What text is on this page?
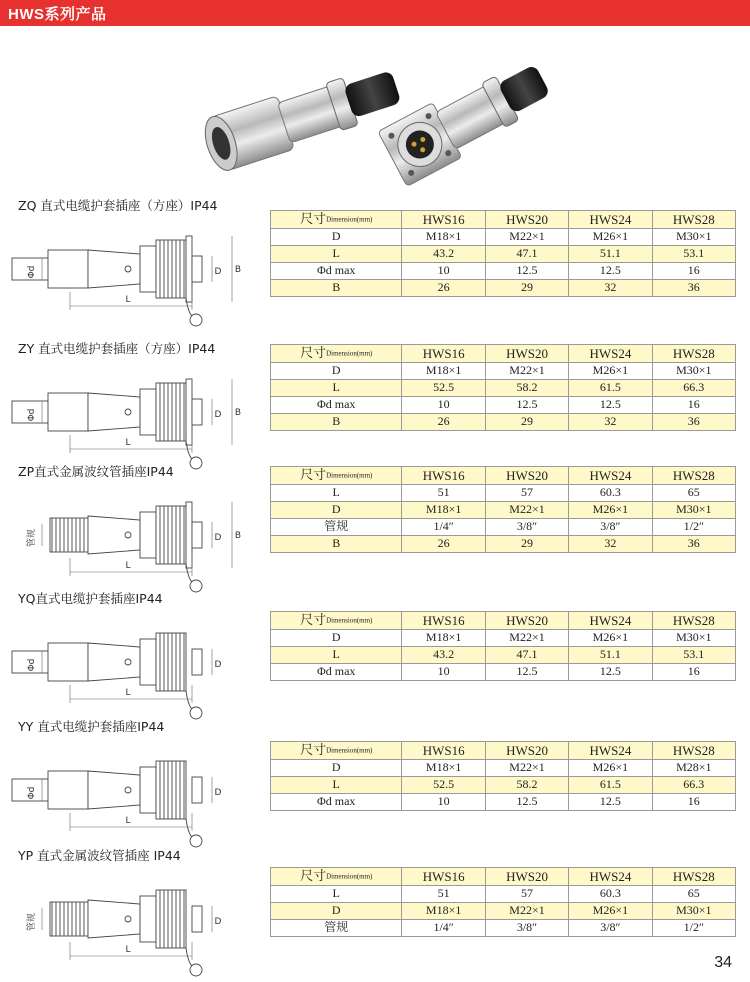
HWS系列产品
ZQ 直式电缆护套插座（方座）IP44
Φd	D B
L
尺寸Dimension(mm)	HWS16	HWS20	HWS24	HWS28
D	M18×1	M22×1	M26×1	M30×1
L	43.2	47.1	51.1	53.1
Φd max	10	12.5	12.5	16
B	26	29	32	36
ZY 直式电缆护套插座（方座）IP44
Φd	D B
L
尺寸Dimension(mm)	HWS16	HWS20	HWS24	HWS28
D	M18×1	M22×1	M26×1	M30×1
L	52.5	58.2	61.5	66.3
Φd max	10	12.5	12.5	16
B	26	29	32	36
ZP直式金属波纹管插座IP44
管规	D B
L
尺寸Dimension(mm)	HWS16	HWS20	HWS24	HWS28
L	51	57	60.3	65
D	M18×1	M22×1	M26×1	M30×1
管规	1/4″	3/8″	3/8″	1/2″
B	26	29	32	36
YQ直式电缆护套插座IP44
Φd	D
L
尺寸Dimension(mm)	HWS16	HWS20	HWS24	HWS28
D	M18×1	M22×1	M26×1	M30×1
L	43.2	47.1	51.1	53.1
Φd max	10	12.5	12.5	16
YY 直式电缆护套插座IP44
Φd	D
L
尺寸Dimension(mm)	HWS16	HWS20	HWS24	HWS28
D	M18×1	M22×1	M26×1	M28×1
L	52.5	58.2	61.5	66.3
Φd max	10	12.5	12.5	16
YP 直式金属波纹管插座 IP44
管规	D
L
尺寸Dimension(mm)	HWS16	HWS20	HWS24	HWS28
L	51	57	60.3	65
D	M18×1	M22×1	M26×1	M30×1
管规	1/4″	3/8″	3/8″	1/2″
34
